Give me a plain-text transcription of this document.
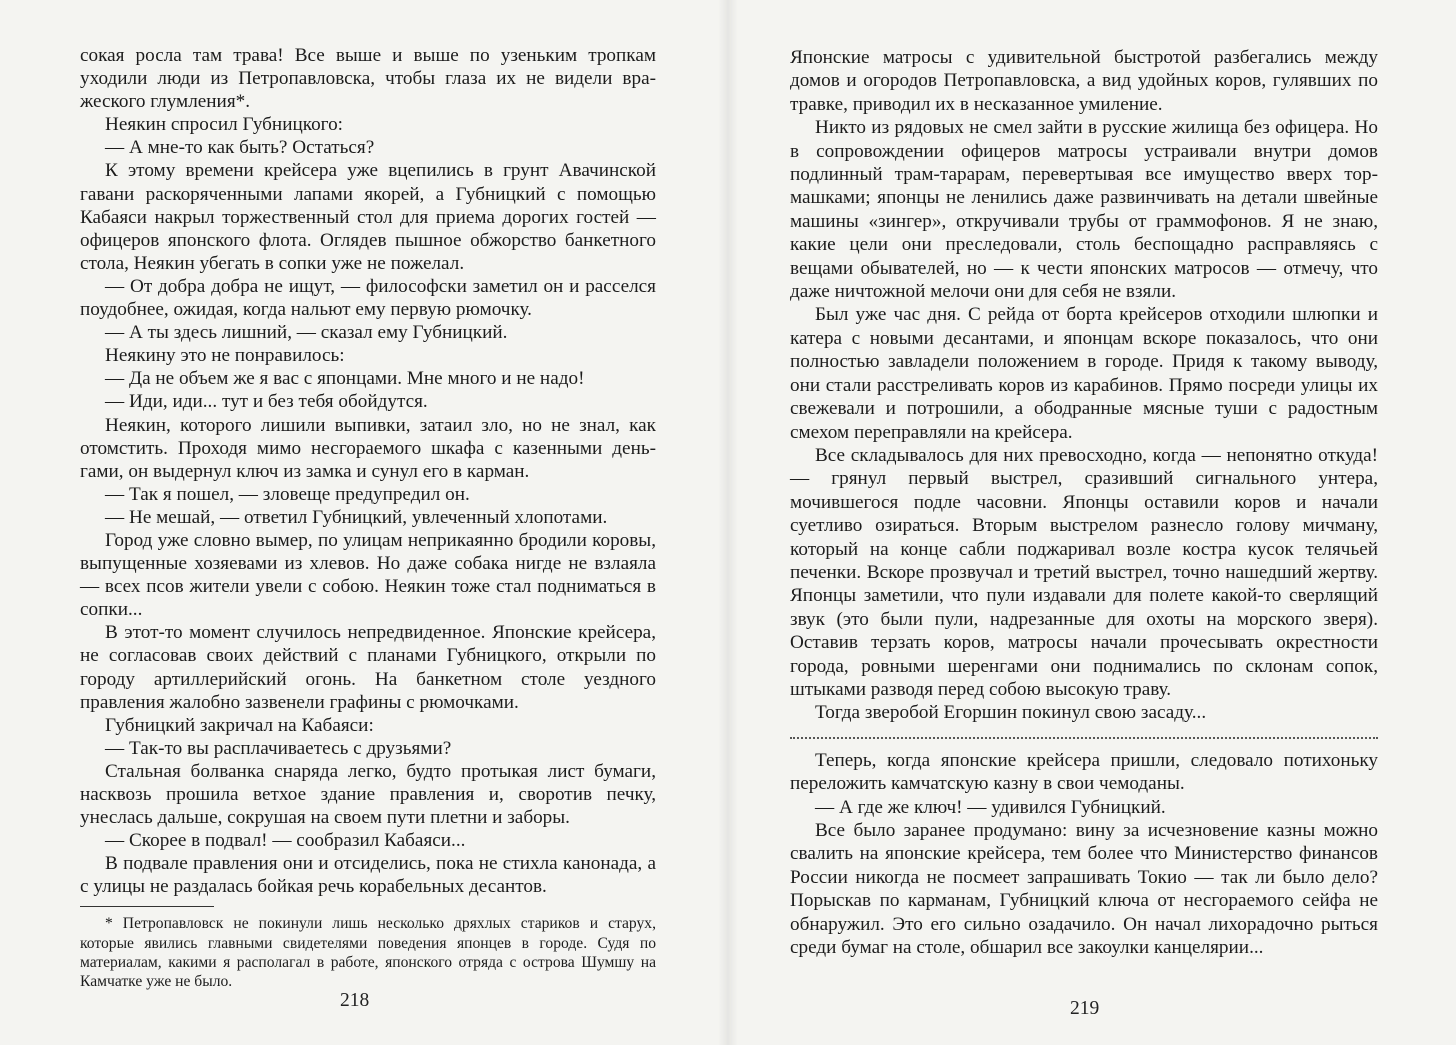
сокая росла там трава! Все выше и выше по узеньким тропкам уходили люди из Петропавловска, чтобы глаза их не видели вражеского глумления*.

Неякин спросил Губницкого:

— А мне-то как быть? Остаться?

К этому времени крейсера уже вцепились в грунт Авачинской гавани раскоряченными лапами якорей, а Губницкий с помощью Кабаяси накрыл торжественный стол для приема дорогих гостей — офицеров японского флота. Оглядев пышное обжорство банкетного стола, Неякин убегать в сопки уже не пожелал.

— От добра добра не ищут, — философски заметил он и расселся поудобнее, ожидая, когда нальют ему первую рюмочку.

— А ты здесь лишний, — сказал ему Губницкий.

Неякину это не понравилось:

— Да не объем же я вас с японцами. Мне много и не надо!

— Иди, иди... тут и без тебя обойдутся.

Неякин, которого лишили выпивки, затаил зло, но не знал, как отомстить. Проходя мимо несгораемого шкафа с казенными деньгами, он выдернул ключ из замка и сунул его в карман.

— Так я пошел, — зловеще предупредил он.

— Не мешай, — ответил Губницкий, увлеченный хлопотами.

Город уже словно вымер, по улицам неприкаянно бродили коровы, выпущенные хозяевами из хлевов. Но даже собака нигде не взлаяла — всех псов жители увели с собою. Неякин тоже стал подниматься в сопки...

В этот-то момент случилось непредвиденное. Японские крейсера, не согласовав своих действий с планами Губницкого, открыли по городу артиллерийский огонь. На банкетном столе уездного правления жалобно зазвенели графины с рюмочками.

Губницкий закричал на Кабаяси:

— Так-то вы расплачиваетесь с друзьями?

Стальная болванка снаряда легко, будто протыкая лист бумаги, насквозь прошила ветхое здание правления и, своротив печку, унеслась дальше, сокрушая на своем пути плетни и заборы.

— Скорее в подвал! — сообразил Кабаяси...

В подвале правления они и отсиделись, пока не стихла канонада, а с улицы не раздалась бойкая речь корабельных десантов.

* Петропавловск не покинули лишь несколько дряхлых стариков и старух, которые явились главными свидетелями поведения японцев в городе. Судя по материалам, какими я располагал в работе, японского отряда с острова Шумшу на Камчатке уже не было.

218

Японские матросы с удивительной быстротой разбегались между домов и огородов Петропавловска, а вид удойных коров, гулявших по травке, приводил их в несказанное умиление.

Никто из рядовых не смел зайти в русские жилища без офицера. Но в сопровождении офицеров матросы устраивали внутри домов подлинный трам-тарарам, перевертывая все имущество вверх тормашками; японцы не ленились даже развинчивать на детали швейные машины «зингер», откручивали трубы от граммофонов. Я не знаю, какие цели они преследовали, столь беспощадно расправляясь с вещами обывателей, но — к чести японских матросов — отмечу, что даже ничтожной мелочи они для себя не взяли.

Был уже час дня. С рейда от борта крейсеров отходили шлюпки и катера с новыми десантами, и японцам вскоре показалось, что они полностью завладели положением в городе. Придя к такому выводу, они стали расстреливать коров из карабинов. Прямо посреди улицы их свежевали и потрошили, а ободранные мясные туши с радостным смехом переправляли на крейсера.

Все складывалось для них превосходно, когда — непонятно откуда! — грянул первый выстрел, сразивший сигнального унтера, мочившегося подле часовни. Японцы оставили коров и начали суетливо озираться. Вторым выстрелом разнесло голову мичману, который на конце сабли поджаривал возле костра кусок телячьей печенки. Вскоре прозвучал и третий выстрел, точно нашедший жертву. Японцы заметили, что пули издавали для полете какой-то сверлящий звук (это были пули, надрезанные для охоты на морского зверя). Оставив терзать коров, матросы начали прочесывать окрестности города, ровными шеренгами они поднимались по склонам сопок, штыками разводя перед собою высокую траву.

Тогда зверобой Егоршин покинул свою засаду...

Теперь, когда японские крейсера пришли, следовало потихоньку переложить камчатскую казну в свои чемоданы.

— А где же ключ! — удивился Губницкий.

Все было заранее продумано: вину за исчезновение казны можно свалить на японские крейсера, тем более что Министерство финансов России никогда не посмеет запрашивать Токио — так ли было дело? Порыскав по карманам, Губницкий ключа от несгораемого сейфа не обнаружил. Это его сильно озадачило. Он начал лихорадочно рыться среди бумаг на столе, обшарил все закоулки канцелярии...

219
